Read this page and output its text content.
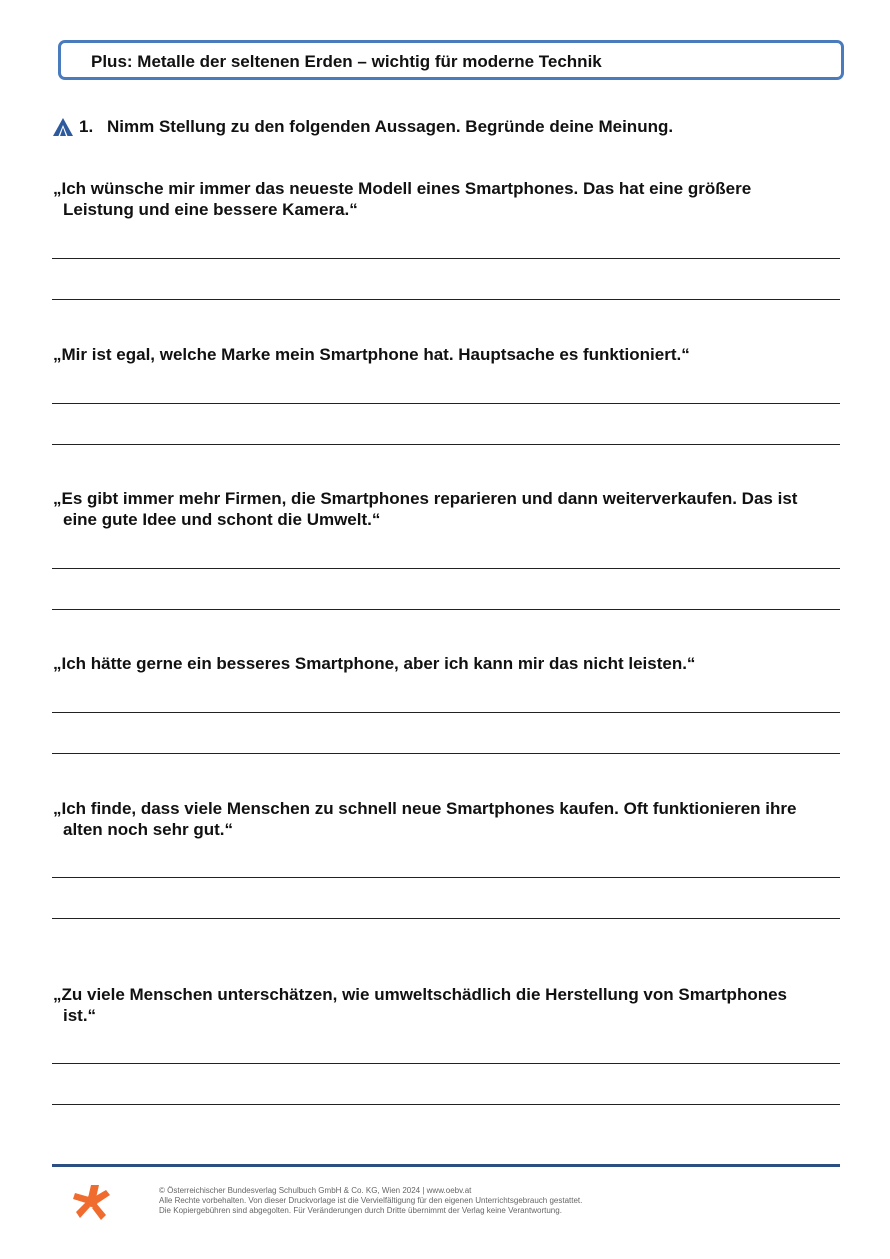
Plus: Metalle der seltenen Erden – wichtig für moderne Technik
1. Nimm Stellung zu den folgenden Aussagen. Begründe deine Meinung.
„Ich wünsche mir immer das neueste Modell eines Smartphones. Das hat eine größere
Leistung und eine bessere Kamera.“
„Mir ist egal, welche Marke mein Smartphone hat. Hauptsache es funktioniert.“
„Es gibt immer mehr Firmen, die Smartphones reparieren und dann weiterverkaufen. Das ist
eine gute Idee und schont die Umwelt.“
„Ich hätte gerne ein besseres Smartphone, aber ich kann mir das nicht leisten.“
„Ich finde, dass viele Menschen zu schnell neue Smartphones kaufen. Oft funktionieren ihre
alten noch sehr gut.“
„Zu viele Menschen unterschätzen, wie umweltschädlich die Herstellung von Smartphones
ist.“
© Österreichischer Bundesverlag Schulbuch GmbH & Co. KG, Wien 2024 | www.oebv.at
Alle Rechte vorbehalten. Von dieser Druckvorlage ist die Vervielfältigung für den eigenen Unterrichtsgebrauch gestattet.
Die Kopiergebühren sind abgegolten. Für Veränderungen durch Dritte übernimmt der Verlag keine Verantwortung.
